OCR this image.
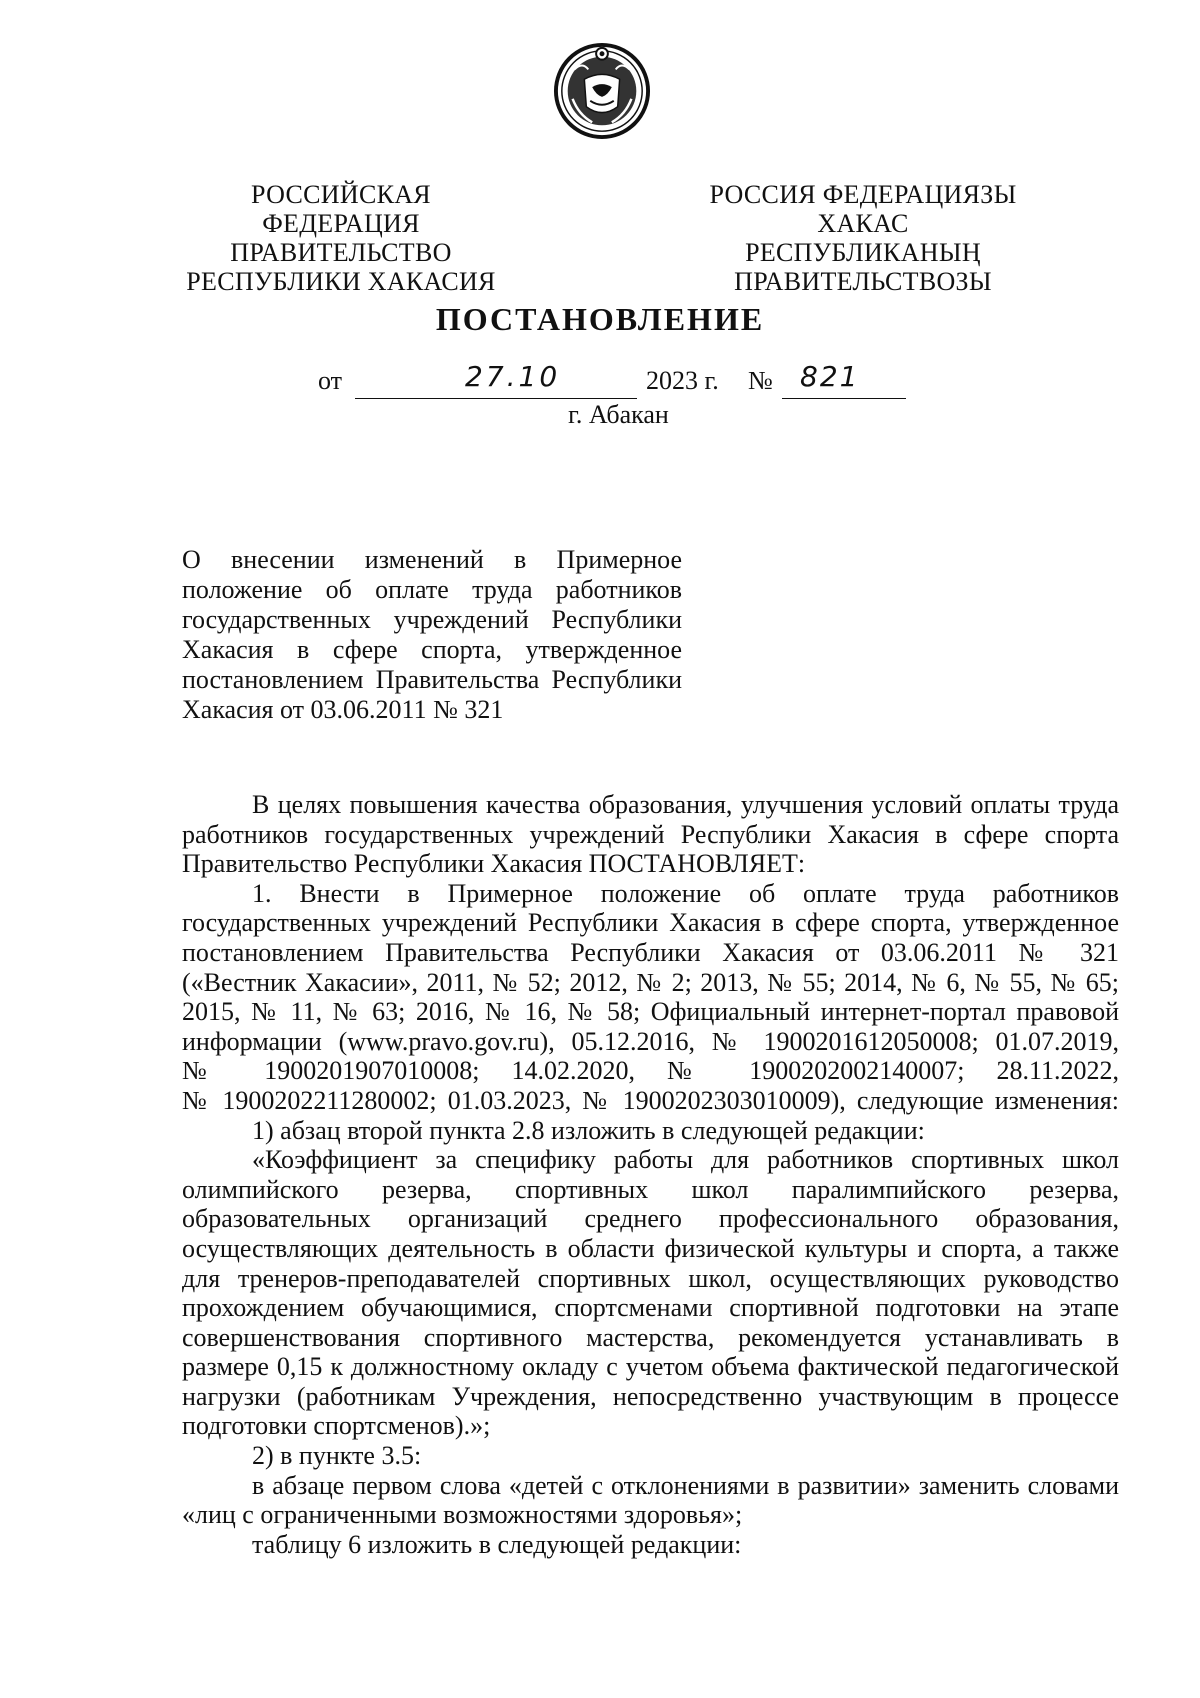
РОССИЙСКАЯ ФЕДЕРАЦИЯ
ПРАВИТЕЛЬСТВО
РЕСПУБЛИКИ ХАКАСИЯ
РОССИЯ ФЕДЕРАЦИЯЗЫ
ХАКАС РЕСПУБЛИКАНЫҢ
ПРАВИТЕЛЬСТВОЗЫ
ПОСТАНОВЛЕНИЕ
от	27.10	2023 г. № 821
г. Абакан
О внесении изменений в Примерное
положение об оплате труда работников
государственных учреждений Республики
Хакасия в сфере спорта, утвержденное
постановлением Правительства Республики
Хакасия от 03.06.2011 № 321
В целях повышения качества образования, улучшения условий оплаты труда
работников государственных учреждений Республики Хакасия в сфере спорта
Правительство Республики Хакасия ПОСТАНОВЛЯЕТ:
1. Внести в Примерное положение об оплате труда работников
государственных учреждений Республики Хакасия в сфере спорта, утвержденное
постановлением Правительства Республики Хакасия от 03.06.2011 № 321
(«Вестник Хакасии», 2011, № 52; 2012, № 2; 2013, № 55; 2014, № 6, № 55, № 65;
2015, № 11, № 63; 2016, № 16, № 58; Официальный интернет-портал правовой
информации (www.pravo.gov.ru), 05.12.2016, № 1900201612050008; 01.07.2019,
№ 1900201907010008; 14.02.2020, № 1900202002140007; 28.11.2022,
№ 1900202211280002; 01.03.2023, № 1900202303010009), следующие изменения:
1) абзац второй пункта 2.8 изложить в следующей редакции:
«Коэффициент за специфику работы для работников спортивных школ
олимпийского резерва, спортивных школ паралимпийского резерва,
образовательных организаций среднего профессионального образования,
осуществляющих деятельность в области физической культуры и спорта, а также
для тренеров-преподавателей спортивных школ, осуществляющих руководство
прохождением обучающимися, спортсменами спортивной подготовки на этапе
совершенствования спортивного мастерства, рекомендуется устанавливать в
размере 0,15 к должностному окладу с учетом объема фактической педагогической
нагрузки (работникам Учреждения, непосредственно участвующим в процессе
подготовки спортсменов).»;
2) в пункте 3.5:
в абзаце первом слова «детей с отклонениями в развитии» заменить словами
«лиц с ограниченными возможностями здоровья»;
таблицу 6 изложить в следующей редакции:
